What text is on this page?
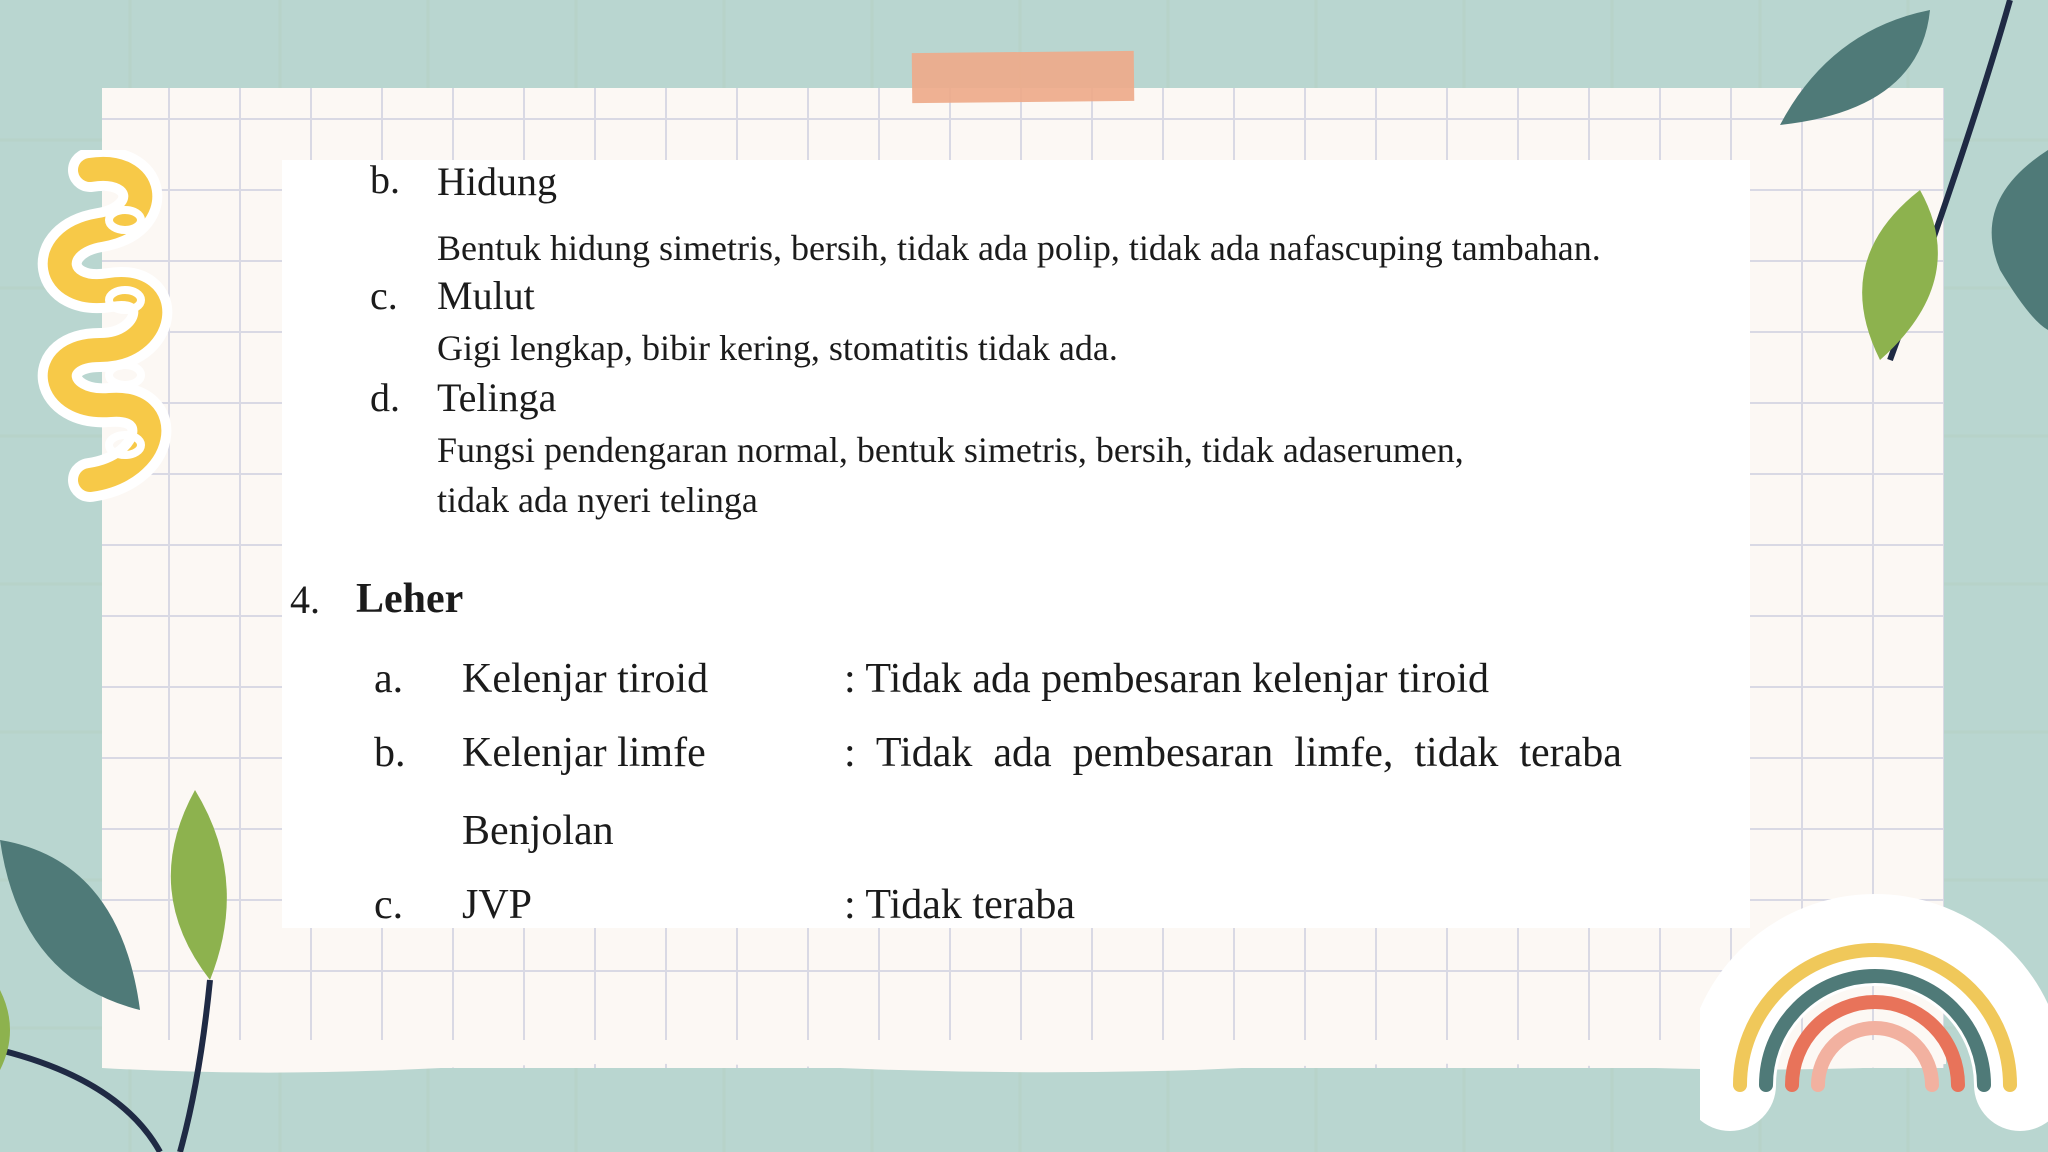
b. Hidung
Bentuk hidung simetris, bersih, tidak ada polip, tidak ada nafascuping tambahan.
c. Mulut
Gigi lengkap, bibir kering, stomatitis tidak ada.
d. Telinga
Fungsi pendengaran normal, bentuk simetris, bersih, tidak adaserumen,
tidak ada nyeri telinga
4. Leher
a. Kelenjar tiroid	: Tidak ada pembesaran kelenjar tiroid
b. Kelenjar limfe	:  Tidak  ada  pembesaran  limfe,  tidak  teraba
Benjolan
c. JVP	: Tidak teraba
